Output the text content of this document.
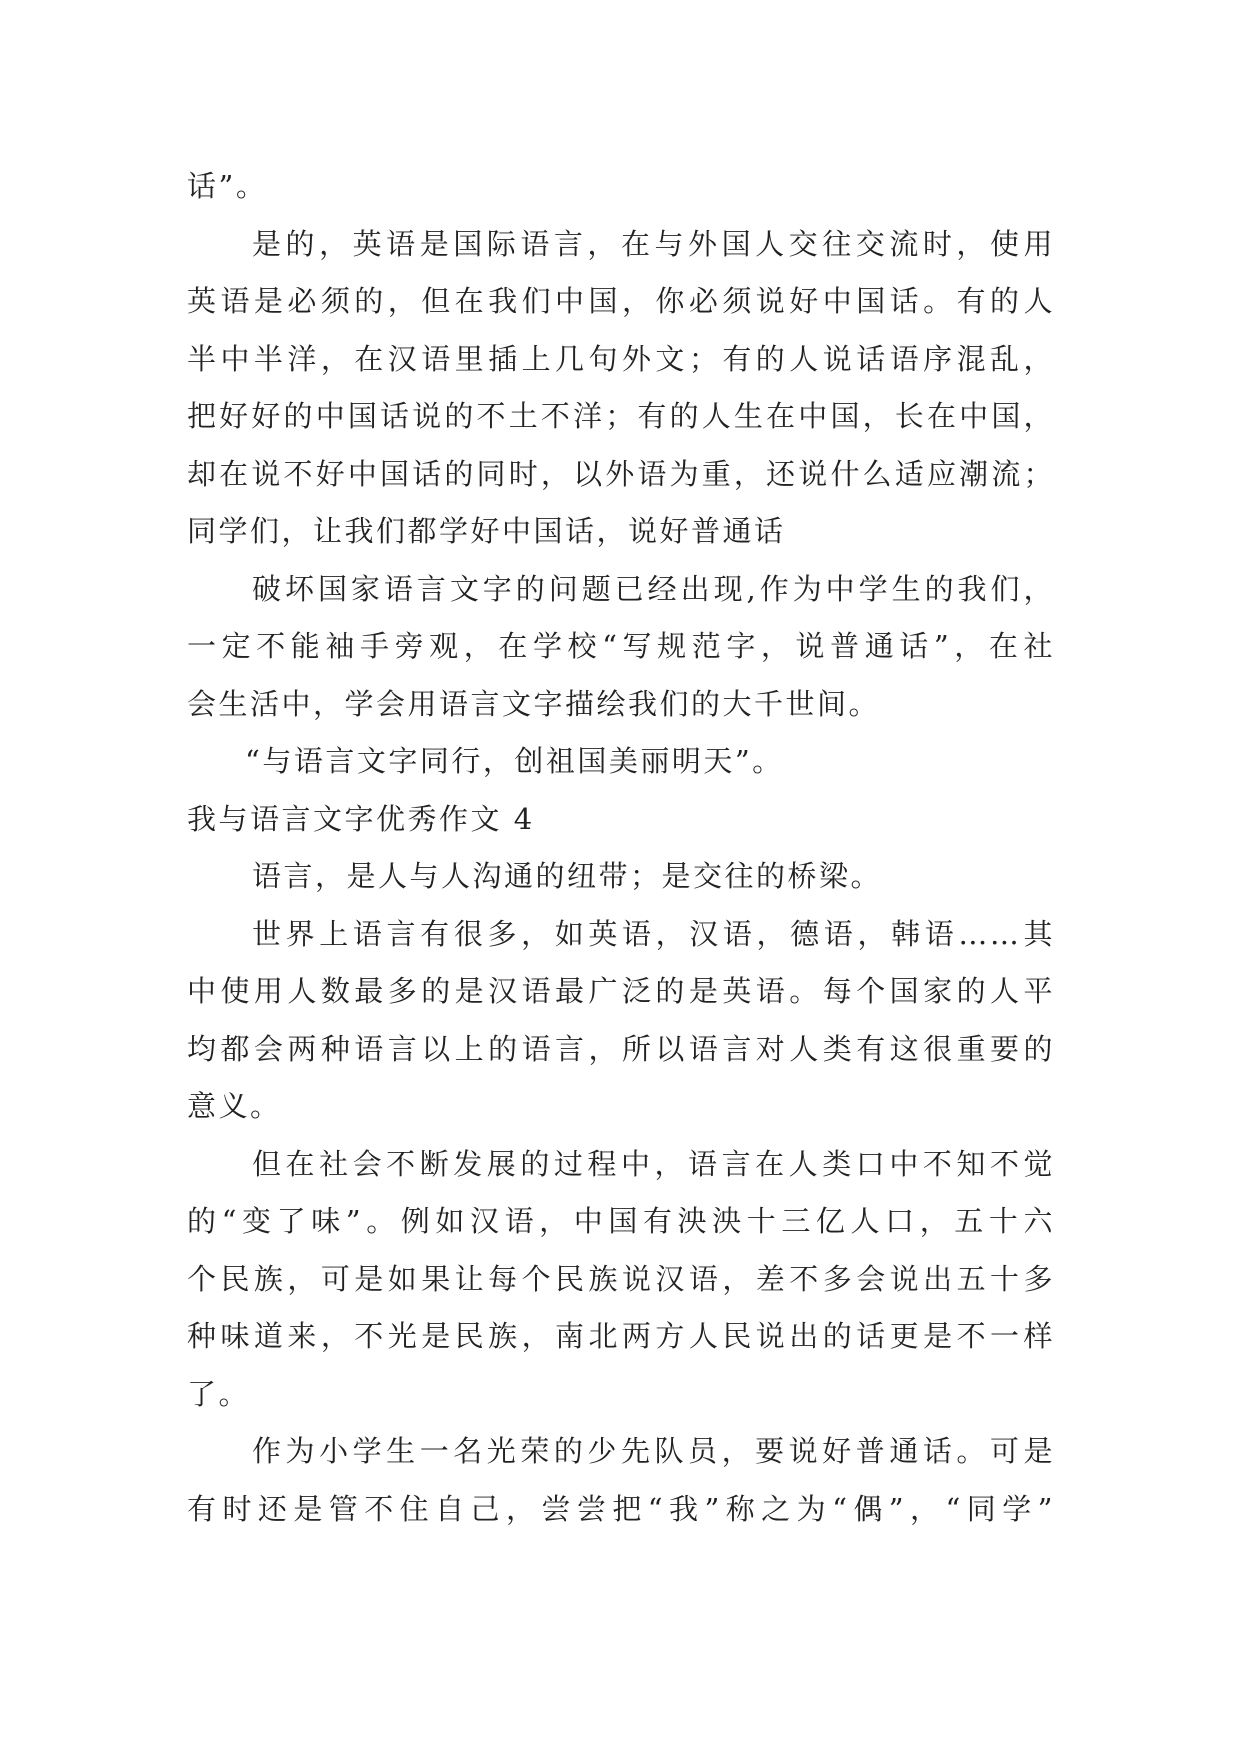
话”。
是的，英语是国际语言，在与外国人交往交流时，使用
英语是必须的，但在我们中国，你必须说好中国话。有的人
半中半洋，在汉语里插上几句外文；有的人说话语序混乱，
把好好的中国话说的不土不洋；有的人生在中国，长在中国，
却在说不好中国话的同时，以外语为重，还说什么适应潮流；
同学们，让我们都学好中国话，说好普通话
破坏国家语言文字的问题已经出现,作为中学生的我们，
一定不能袖手旁观，在学校“写规范字，说普通话”，在社
会生活中，学会用语言文字描绘我们的大千世间。
“与语言文字同行，创祖国美丽明天”。
我与语言文字优秀作文 4
语言，是人与人沟通的纽带；是交往的桥梁。
世界上语言有很多，如英语，汉语，德语，韩语……其
中使用人数最多的是汉语最广泛的是英语。每个国家的人平
均都会两种语言以上的语言，所以语言对人类有这很重要的
意义。
但在社会不断发展的过程中，语言在人类口中不知不觉
的“变了味”。例如汉语，中国有泱泱十三亿人口，五十六
个民族，可是如果让每个民族说汉语，差不多会说出五十多
种味道来，不光是民族，南北两方人民说出的话更是不一样
了。
作为小学生一名光荣的少先队员，要说好普通话。可是
有时还是管不住自己，尝尝把“我”称之为“偶”，“同学”
